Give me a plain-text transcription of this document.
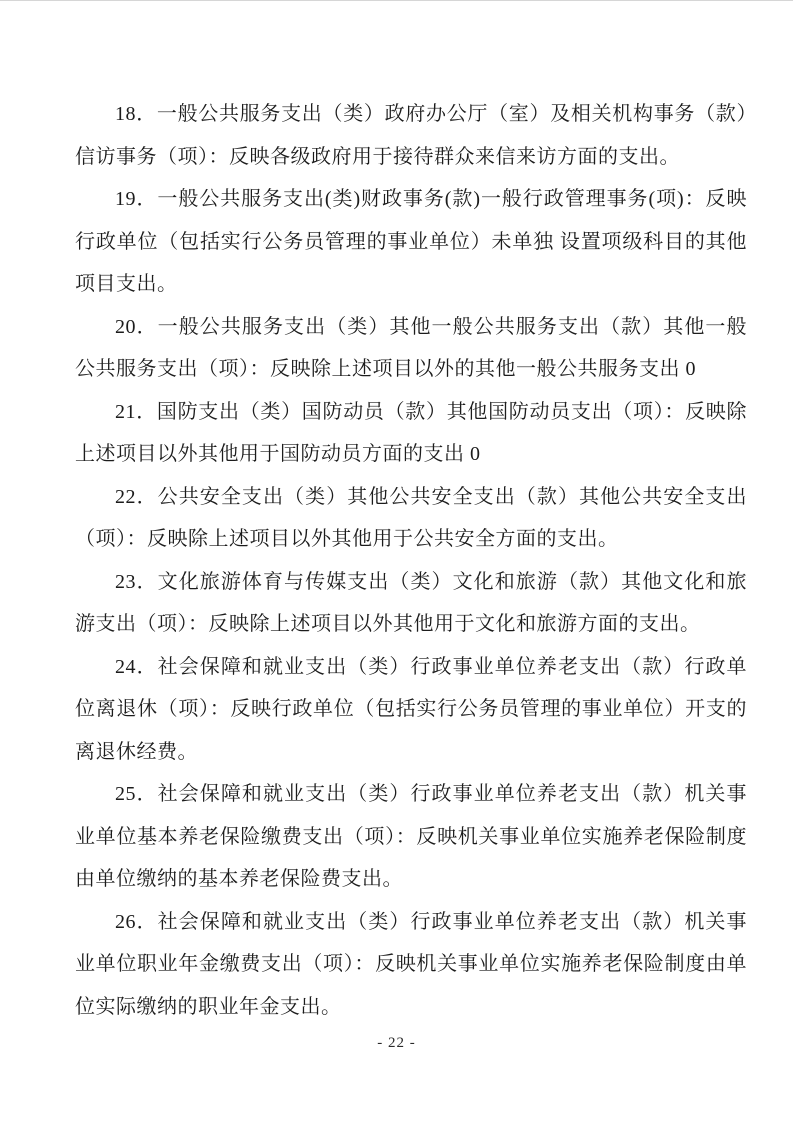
18．一般公共服务支出（类）政府办公厅（室）及相关机构事务（款）信访事务（项）：反映各级政府用于接待群众来信来访方面的支出。

19．一般公共服务支出(类)财政事务(款)一般行政管理事务(项)：反映行政单位（包括实行公务员管理的事业单位）未单独 设置项级科目的其他项目支出。

20．一般公共服务支出（类）其他一般公共服务支出（款）其他一般公共服务支出（项）：反映除上述项目以外的其他一般公共服务支出 0

21．国防支出（类）国防动员（款）其他国防动员支出（项）：反映除上述项目以外其他用于国防动员方面的支出 0

22．公共安全支出（类）其他公共安全支出（款）其他公共安全支出（项）：反映除上述项目以外其他用于公共安全方面的支出。

23．文化旅游体育与传媒支出（类）文化和旅游（款）其他文化和旅游支出（项）：反映除上述项目以外其他用于文化和旅游方面的支出。

24．社会保障和就业支出（类）行政事业单位养老支出（款）行政单位离退休（项）：反映行政单位（包括实行公务员管理的事业单位）开支的 离退休经费。

25．社会保障和就业支出（类）行政事业单位养老支出（款）机关事业单位基本养老保险缴费支出（项）：反映机关事业单位实施养老保险制度由单位缴纳的基本养老保险费支出。

26．社会保障和就业支出（类）行政事业单位养老支出（款）机关事业单位职业年金缴费支出（项）：反映机关事业单位实施养老保险制度由单位实际缴纳的职业年金支出。

- 22 -
